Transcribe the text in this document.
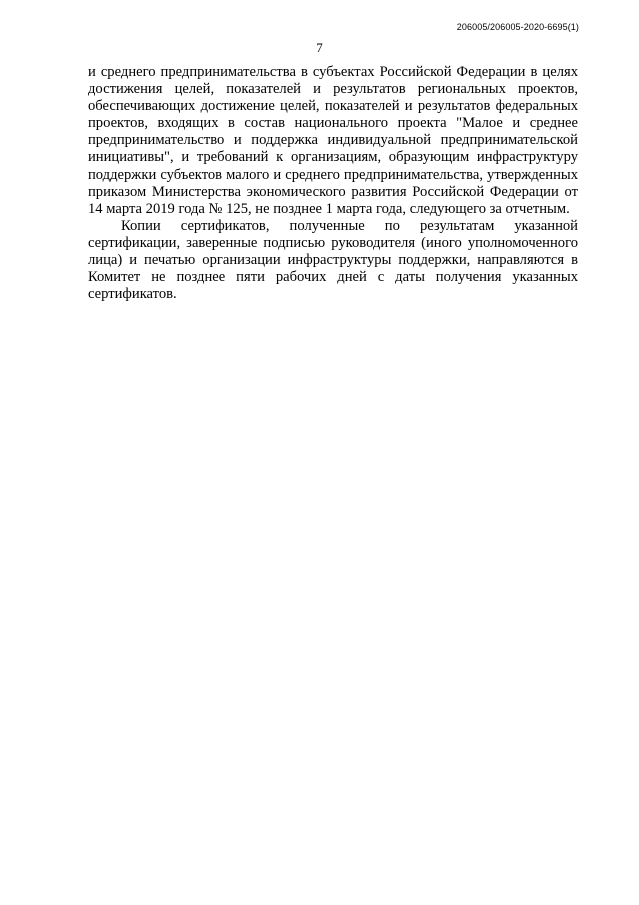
206005/206005-2020-6695(1)
7

и среднего предпринимательства в субъектах Российской Федерации в целях достижения целей, показателей и результатов региональных проектов, обеспечивающих достижение целей, показателей и результатов федеральных проектов, входящих в состав национального проекта "Малое и среднее предпринимательство и поддержка индивидуальной предпринимательской инициативы", и требований к организациям, образующим инфраструктуру поддержки субъектов малого и среднего предпринимательства, утвержденных приказом Министерства экономического развития Российской Федерации от 14 марта 2019 года № 125, не позднее 1 марта года, следующего за отчетным.

Копии сертификатов, полученные по результатам указанной сертификации, заверенные подписью руководителя (иного уполномоченного лица) и печатью организации инфраструктуры поддержки, направляются в Комитет не позднее пяти рабочих дней с даты получения указанных сертификатов.
